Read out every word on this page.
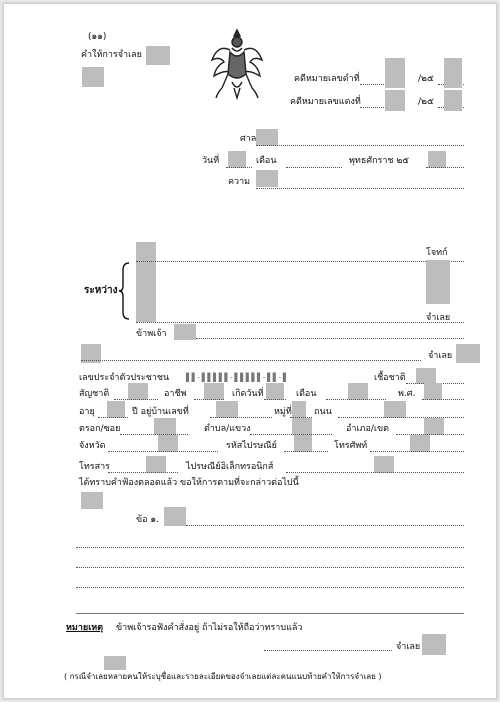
(๑๑)
คำให้การจำเลย
คดีหมายเลขดำที่	/๒๕
คดีหมายเลขแดงที่	/๒๕
ศาล
วันที่	เดือน	พุทธศักราช ๒๕
ความ
ระหว่าง
โจทก์
จำเลย
ข้าพเจ้า
จำเลย
เลขประจำตัวประชาชน ▌▌- ▌▌▌▌▌- ▌▌▌▌▌- ▌▌- ▌	เชื้อชาติ
สัญชาติ	อาชีพ	เกิดวันที่	เดือน	พ.ศ.
อายุ	ปี อยู่บ้านเลขที่	หมู่ที่ ถนน
ตรอก/ซอย	ตำบล/แขวง	อำเภอ/เขต
จังหวัด	รหัสไปรษณีย์	โทรศัพท์
โทรสาร	ไปรษณีย์อิเล็กทรอนิกส์
ได้ทราบคำฟ้องตลอดแล้ว ขอให้การตามที่จะกล่าวต่อไปนี้
ข้อ ๑.
หมายเหตุ ข้าพเจ้ารอฟังคำสั่งอยู่ ถ้าไม่รอให้ถือว่าทราบแล้ว
จำเลย
( กรณีจำเลยหลายคนให้ระบุชื่อและรายละเอียดของจำเลยแต่ละคนแนบท้ายคำให้การจำเลย )
